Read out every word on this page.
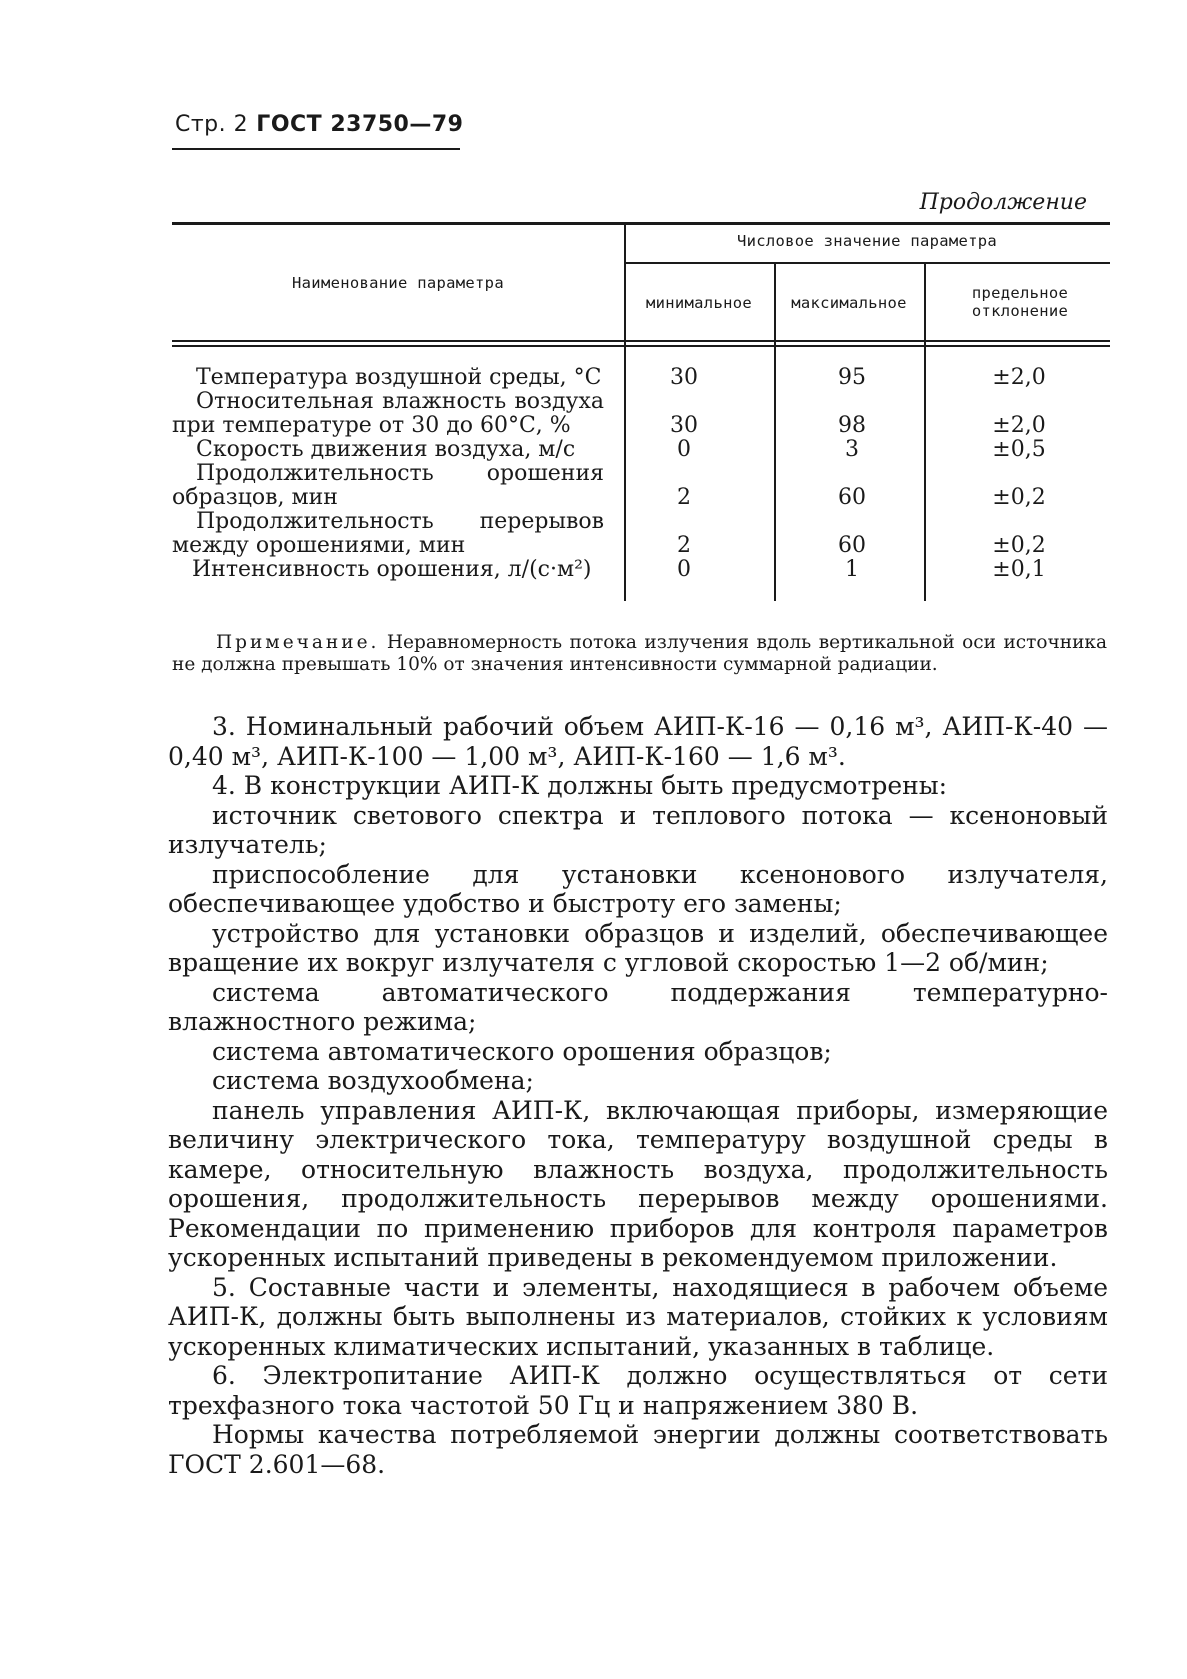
Стр. 2 ГОСТ 23750—79
Продолжение
Наименование параметра
Числовое значение параметра
минимальное	максимальное
предельное отклонение
Температура воздушной среды, °С	30	95	±2,0
Относительная влажность воздуха при температуре от 30 до 60°С, %	30	98	±2,0
Скорость движения воздуха, м/с	0	3	±0,5
Продолжительность орошения образцов, мин	2	60	±0,2
Продолжительность перерывов между орошениями, мин	2	60	±0,2
Интенсивность орошения, л/(с·м²)	0	1	±0,1
Примечание. Неравномерность потока излучения вдоль вертикальной оси источника не должна превышать 10% от значения интенсивности суммарной радиации.

3. Номинальный рабочий объем АИП-К-16 — 0,16 м³, АИП-К-40 — 0,40 м³, АИП-К-100 — 1,00 м³, АИП-К-160 — 1,6 м³.

4. В конструкции АИП-К должны быть предусмотрены:

источник светового спектра и теплового потока — ксеноновый излучатель;

приспособление для установки ксенонового излучателя, обеспечивающее удобство и быстроту его замены;

устройство для установки образцов и изделий, обеспечивающее вращение их вокруг излучателя с угловой скоростью 1—2 об/мин;

система автоматического поддержания температурно-влажностного режима;

система автоматического орошения образцов;

система воздухообмена;

панель управления АИП-К, включающая приборы, измеряющие величину электрического тока, температуру воздушной среды в камере, относительную влажность воздуха, продолжительность орошения, продолжительность перерывов между орошениями. Рекомендации по применению приборов для контроля параметров ускоренных испытаний приведены в рекомендуемом приложении.

5. Составные части и элементы, находящиеся в рабочем объеме АИП-К, должны быть выполнены из материалов, стойких к условиям ускоренных климатических испытаний, указанных в таблице.

6. Электропитание АИП-К должно осуществляться от сети трехфазного тока частотой 50 Гц и напряжением 380 В.

Нормы качества потребляемой энергии должны соответствовать ГОСТ 2.601—68.
